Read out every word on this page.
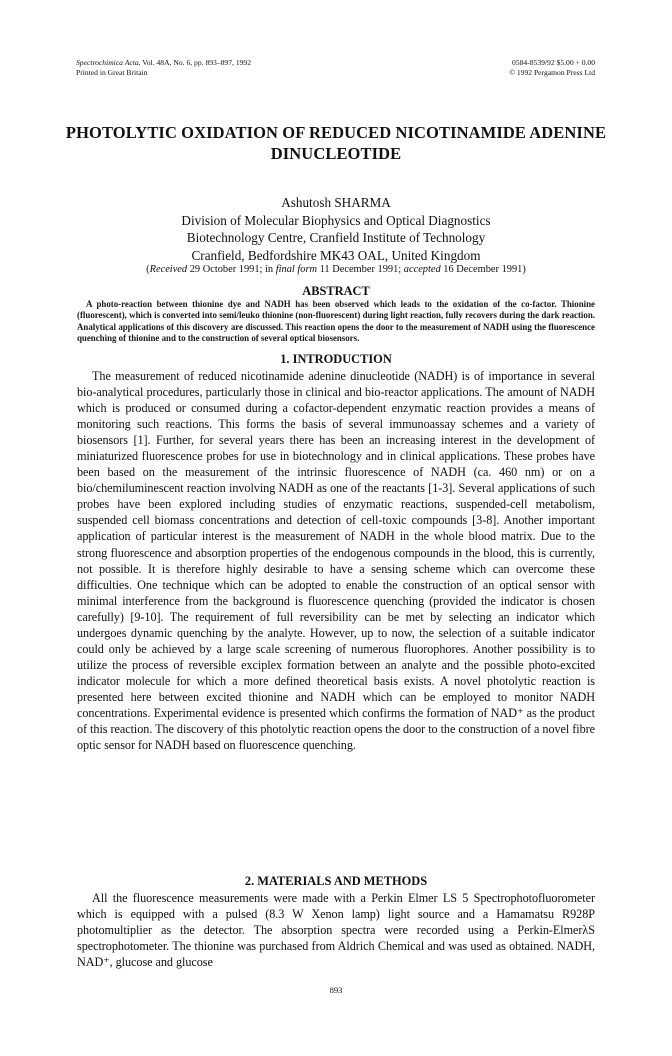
Spectrochimica Acta, Vol. 48A, No. 6, pp. 893–897, 1992
Printed in Great Britain
0584-8539/92 $5.00 + 0.00
© 1992 Pergamon Press Ltd
PHOTOLYTIC OXIDATION OF REDUCED NICOTINAMIDE ADENINE DINUCLEOTIDE
Ashutosh SHARMA
Division of Molecular Biophysics and Optical Diagnostics
Biotechnology Centre, Cranfield Institute of Technology
Cranfield, Bedfordshire MK43 OAL, United Kingdom
(Received 29 October 1991; in final form 11 December 1991; accepted 16 December 1991)
ABSTRACT
A photo-reaction between thionine dye and NADH has been observed which leads to the oxidation of the co-factor. Thionine (fluorescent), which is converted into semi/leuko thionine (non-fluorescent) during light reaction, fully recovers during the dark reaction. Analytical applications of this discovery are discussed. This reaction opens the door to the measurement of NADH using the fluorescence quenching of thionine and to the construction of several optical biosensors.
1. INTRODUCTION
The measurement of reduced nicotinamide adenine dinucleotide (NADH) is of importance in several bio-analytical procedures, particularly those in clinical and bio-reactor applications. The amount of NADH which is produced or consumed during a cofactor-dependent enzymatic reaction provides a means of monitoring such reactions. This forms the basis of several immunoassay schemes and a variety of biosensors [1]. Further, for several years there has been an increasing interest in the development of miniaturized fluorescence probes for use in biotechnology and in clinical applications. These probes have been based on the measurement of the intrinsic fluorescence of NADH (ca. 460 nm) or on a bio/chemiluminescent reaction involving NADH as one of the reactants [1-3]. Several applications of such probes have been explored including studies of enzymatic reactions, suspended-cell metabolism, suspended cell biomass concentrations and detection of cell-toxic compounds [3-8]. Another important application of particular interest is the measurement of NADH in the whole blood matrix. Due to the strong fluorescence and absorption properties of the endogenous compounds in the blood, this is currently, not possible. It is therefore highly desirable to have a sensing scheme which can overcome these difficulties. One technique which can be adopted to enable the construction of an optical sensor with minimal interference from the background is fluorescence quenching (provided the indicator is chosen carefully) [9-10]. The requirement of full reversibility can be met by selecting an indicator which undergoes dynamic quenching by the analyte. However, up to now, the selection of a suitable indicator could only be achieved by a large scale screening of numerous fluorophores. Another possibility is to utilize the process of reversible exciplex formation between an analyte and the possible photo-excited indicator molecule for which a more defined theoretical basis exists. A novel photolytic reaction is presented here between excited thionine and NADH which can be employed to monitor NADH concentrations. Experimental evidence is presented which confirms the formation of NAD⁺ as the product of this reaction. The discovery of this photolytic reaction opens the door to the construction of a novel fibre optic sensor for NADH based on fluorescence quenching.
2. MATERIALS AND METHODS
All the fluorescence measurements were made with a Perkin Elmer LS 5 Spectrophotofluorometer which is equipped with a pulsed (8.3 W Xenon lamp) light source and a Hamamatsu R928P photomultiplier as the detector. The absorption spectra were recorded using a Perkin-ElmerλS spectrophotometer. The thionine was purchased from Aldrich Chemical and was used as obtained. NADH, NAD⁺, glucose and glucose
893
